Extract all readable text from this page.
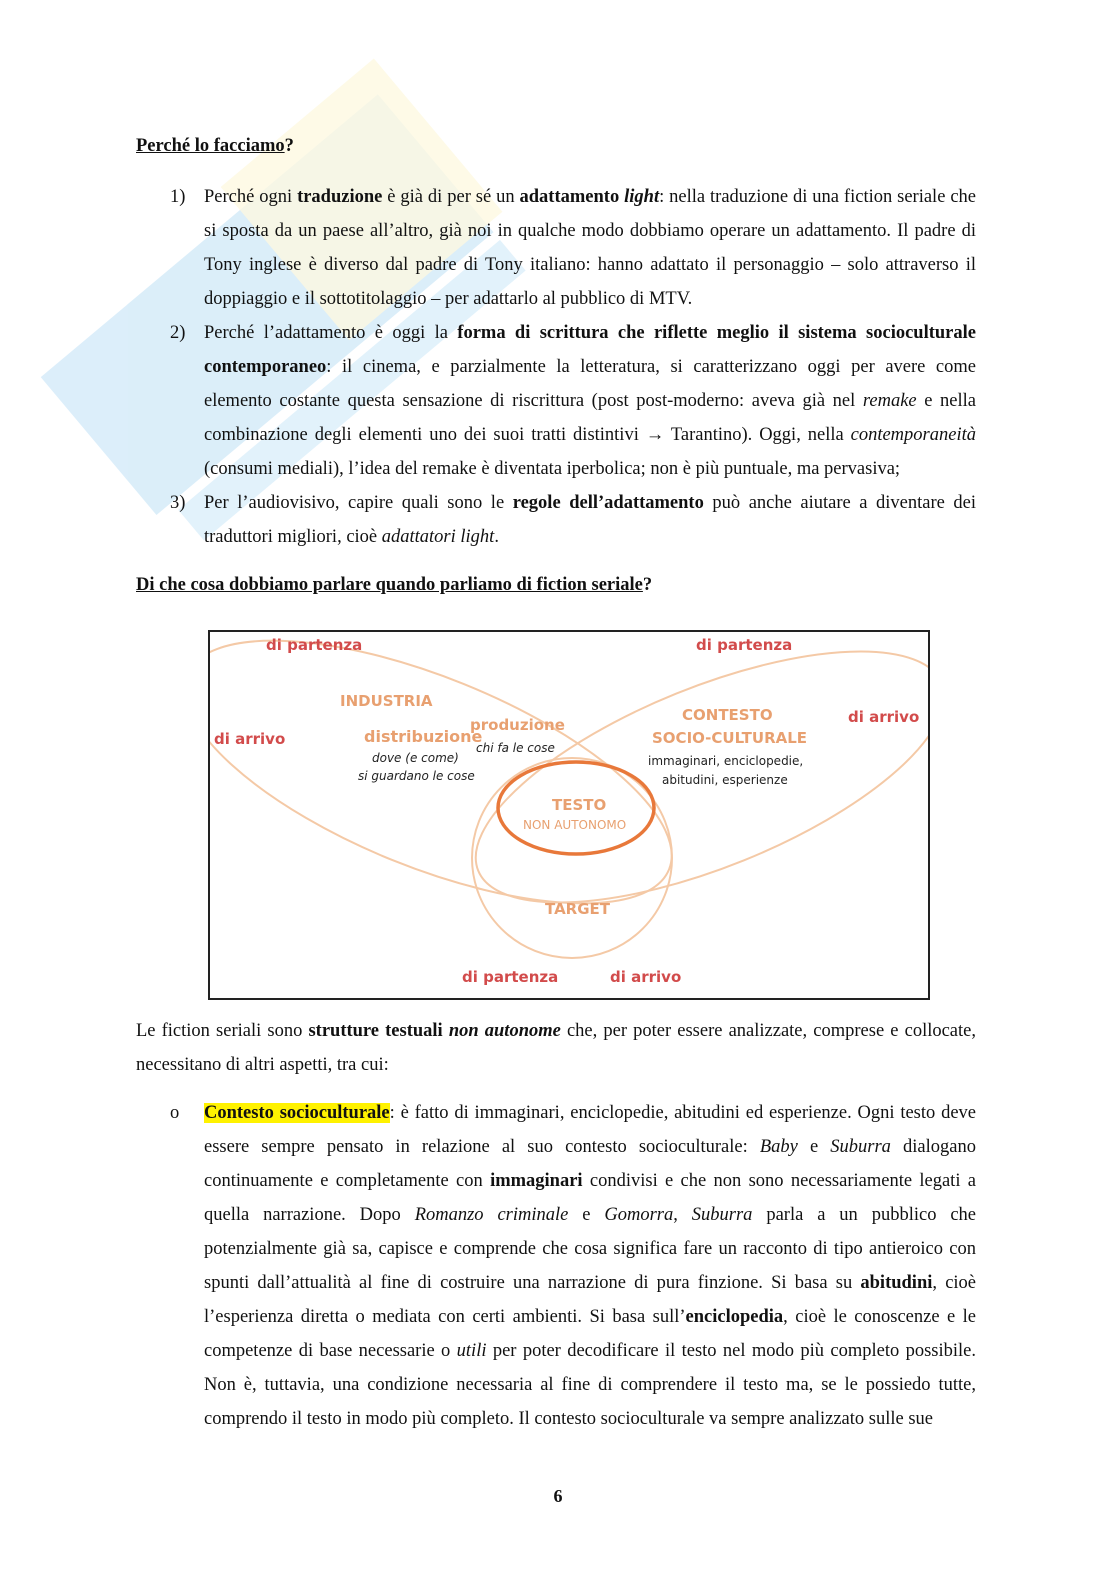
Perché lo facciamo?
1) Perché ogni traduzione è già di per sé un adattamento light: nella traduzione di una fiction seriale che si sposta da un paese all’altro, già noi in qualche modo dobbiamo operare un adattamento. Il padre di Tony inglese è diverso dal padre di Tony italiano: hanno adattato il personaggio – solo attraverso il doppiaggio e il sottotitolaggio – per adattarlo al pubblico di MTV.
2) Perché l’adattamento è oggi la forma di scrittura che riflette meglio il sistema socioculturale contemporaneo: il cinema, e parzialmente la letteratura, si caratterizzano oggi per avere come elemento costante questa sensazione di riscrittura (post post-moderno: aveva già nel remake e nella combinazione degli elementi uno dei suoi tratti distintivi → Tarantino). Oggi, nella contemporaneità (consumi mediali), l’idea del remake è diventata iperbolica; non è più puntuale, ma pervasiva;
3) Per l’audiovisivo, capire quali sono le regole dell’adattamento può anche aiutare a diventare dei traduttori migliori, cioè adattatori light.
Di che cosa dobbiamo parlare quando parliamo di fiction seriale?
di partenza
di arrivo
di partenza
di arrivo
di partenza	di arrivo
INDUSTRIA
distribuzione
dove (e come)
si guardano le cose
produzione
chi fa le cose
CONTESTO
SOCIO-CULTURALE
immaginari, enciclopedie,
abitudini, esperienze
TESTO
NON AUTONOMO
TARGET

Le fiction seriali sono strutture testuali non autonome che, per poter essere analizzate, comprese e collocate, necessitano di altri aspetti, tra cui:

o Contesto socioculturale: è fatto di immaginari, enciclopedie, abitudini ed esperienze. Ogni testo deve essere sempre pensato in relazione al suo contesto socioculturale: Baby e Suburra dialogano continuamente e completamente con immaginari condivisi e che non sono necessariamente legati a quella narrazione. Dopo Romanzo criminale e Gomorra, Suburra parla a un pubblico che potenzialmente già sa, capisce e comprende che cosa significa fare un racconto di tipo antieroico con spunti dall’attualità al fine di costruire una narrazione di pura finzione. Si basa su abitudini, cioè l’esperienza diretta o mediata con certi ambienti. Si basa sull’enciclopedia, cioè le conoscenze e le competenze di base necessarie o utili per poter decodificare il testo nel modo più completo possibile. Non è, tuttavia, una condizione necessaria al fine di comprendere il testo ma, se le possiedo tutte, comprendo il testo in modo più completo. Il contesto socioculturale va sempre analizzato sulle sue
6
